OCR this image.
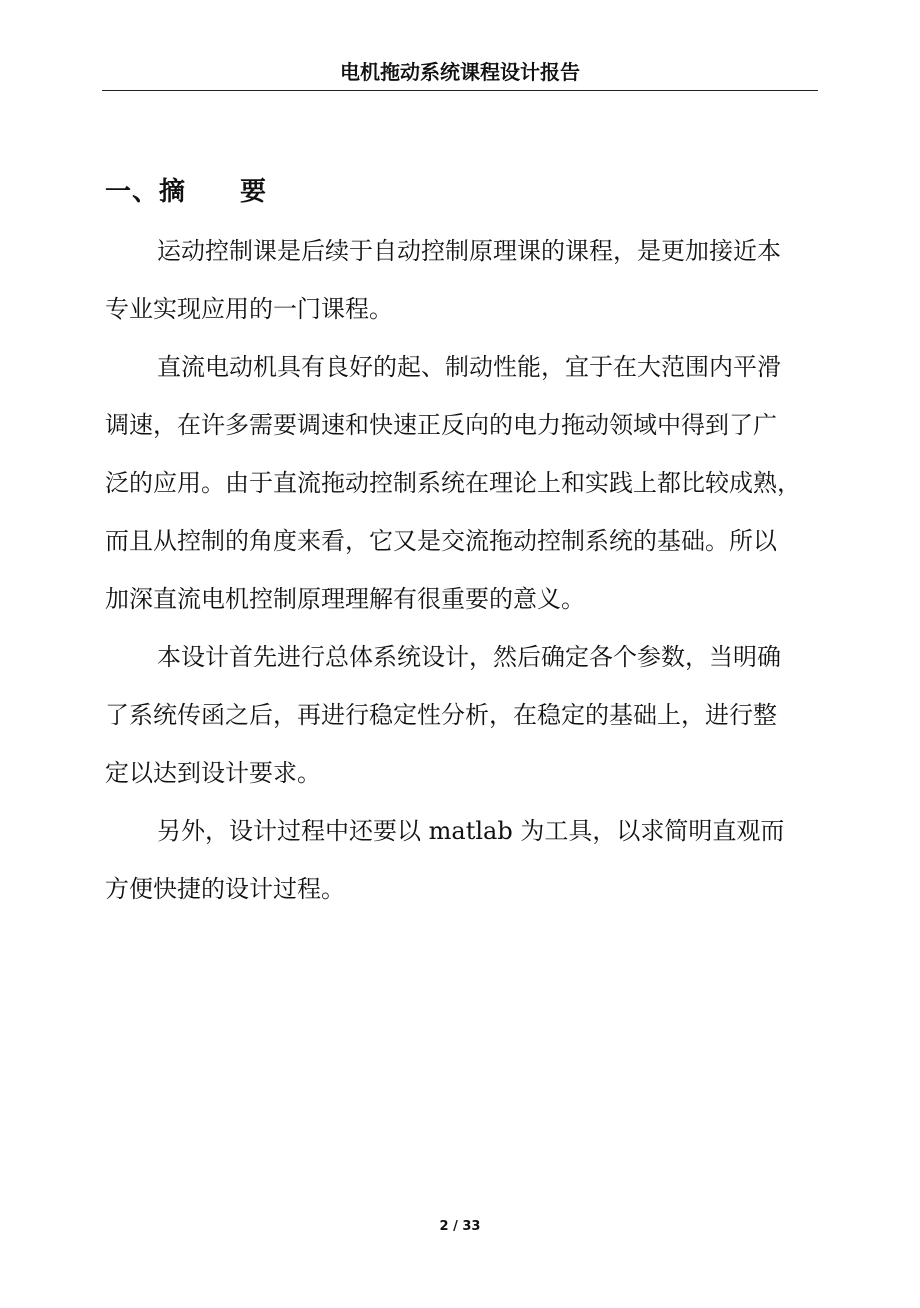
电机拖动系统课程设计报告
一、摘　　要

运动控制课是后续于自动控制原理课的课程，是更加接近本
专业实现应用的一门课程。

直流电动机具有良好的起、制动性能，宜于在大范围内平滑
调速，在许多需要调速和快速正反向的电力拖动领域中得到了广
泛的应用。由于直流拖动控制系统在理论上和实践上都比较成熟，
而且从控制的角度来看，它又是交流拖动控制系统的基础。所以
加深直流电机控制原理理解有很重要的意义。

本设计首先进行总体系统设计，然后确定各个参数，当明确
了系统传函之后，再进行稳定性分析，在稳定的基础上，进行整
定以达到设计要求。

另外，设计过程中还要以 matlab 为工具，以求简明直观而
方便快捷的设计过程。

2 / 33
